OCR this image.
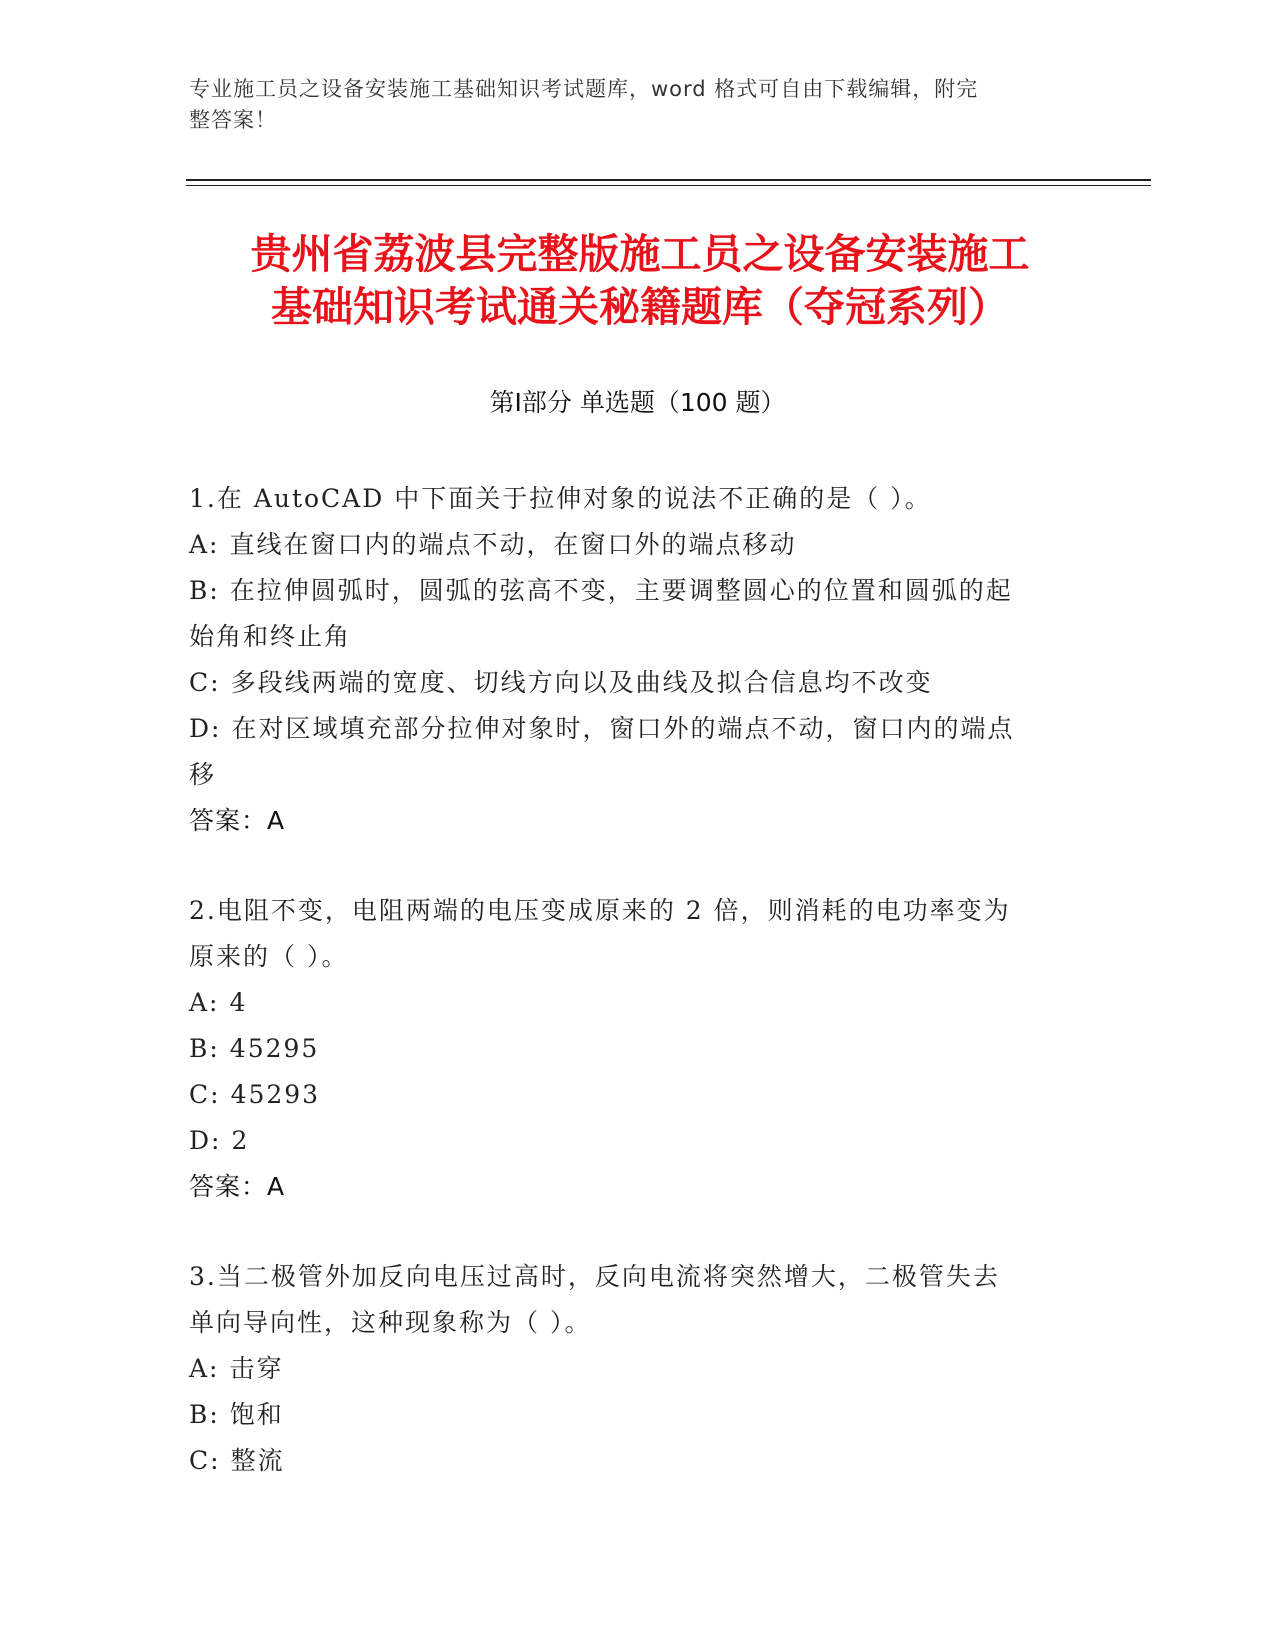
专业施工员之设备安装施工基础知识考试题库，word 格式可自由下载编辑，附完
整答案！
贵州省荔波县完整版施工员之设备安装施工
基础知识考试通关秘籍题库（夺冠系列）
第Ⅰ部分 单选题（100 题）
1.在 AutoCAD 中下面关于拉伸对象的说法不正确的是（ ）。
A: 直线在窗口内的端点不动，在窗口外的端点移动
B: 在拉伸圆弧时，圆弧的弦高不变，主要调整圆心的位置和圆弧的起
始角和终止角
C: 多段线两端的宽度、切线方向以及曲线及拟合信息均不改变
D: 在对区域填充部分拉伸对象时，窗口外的端点不动，窗口内的端点
移
答案：A
2.电阻不变，电阻两端的电压变成原来的 2 倍，则消耗的电功率变为
原来的（ ）。
A: 4
B: 45295
C: 45293
D: 2
答案：A
3.当二极管外加反向电压过高时，反向电流将突然增大，二极管失去
单向导向性，这种现象称为（ ）。
A: 击穿
B: 饱和
C: 整流
